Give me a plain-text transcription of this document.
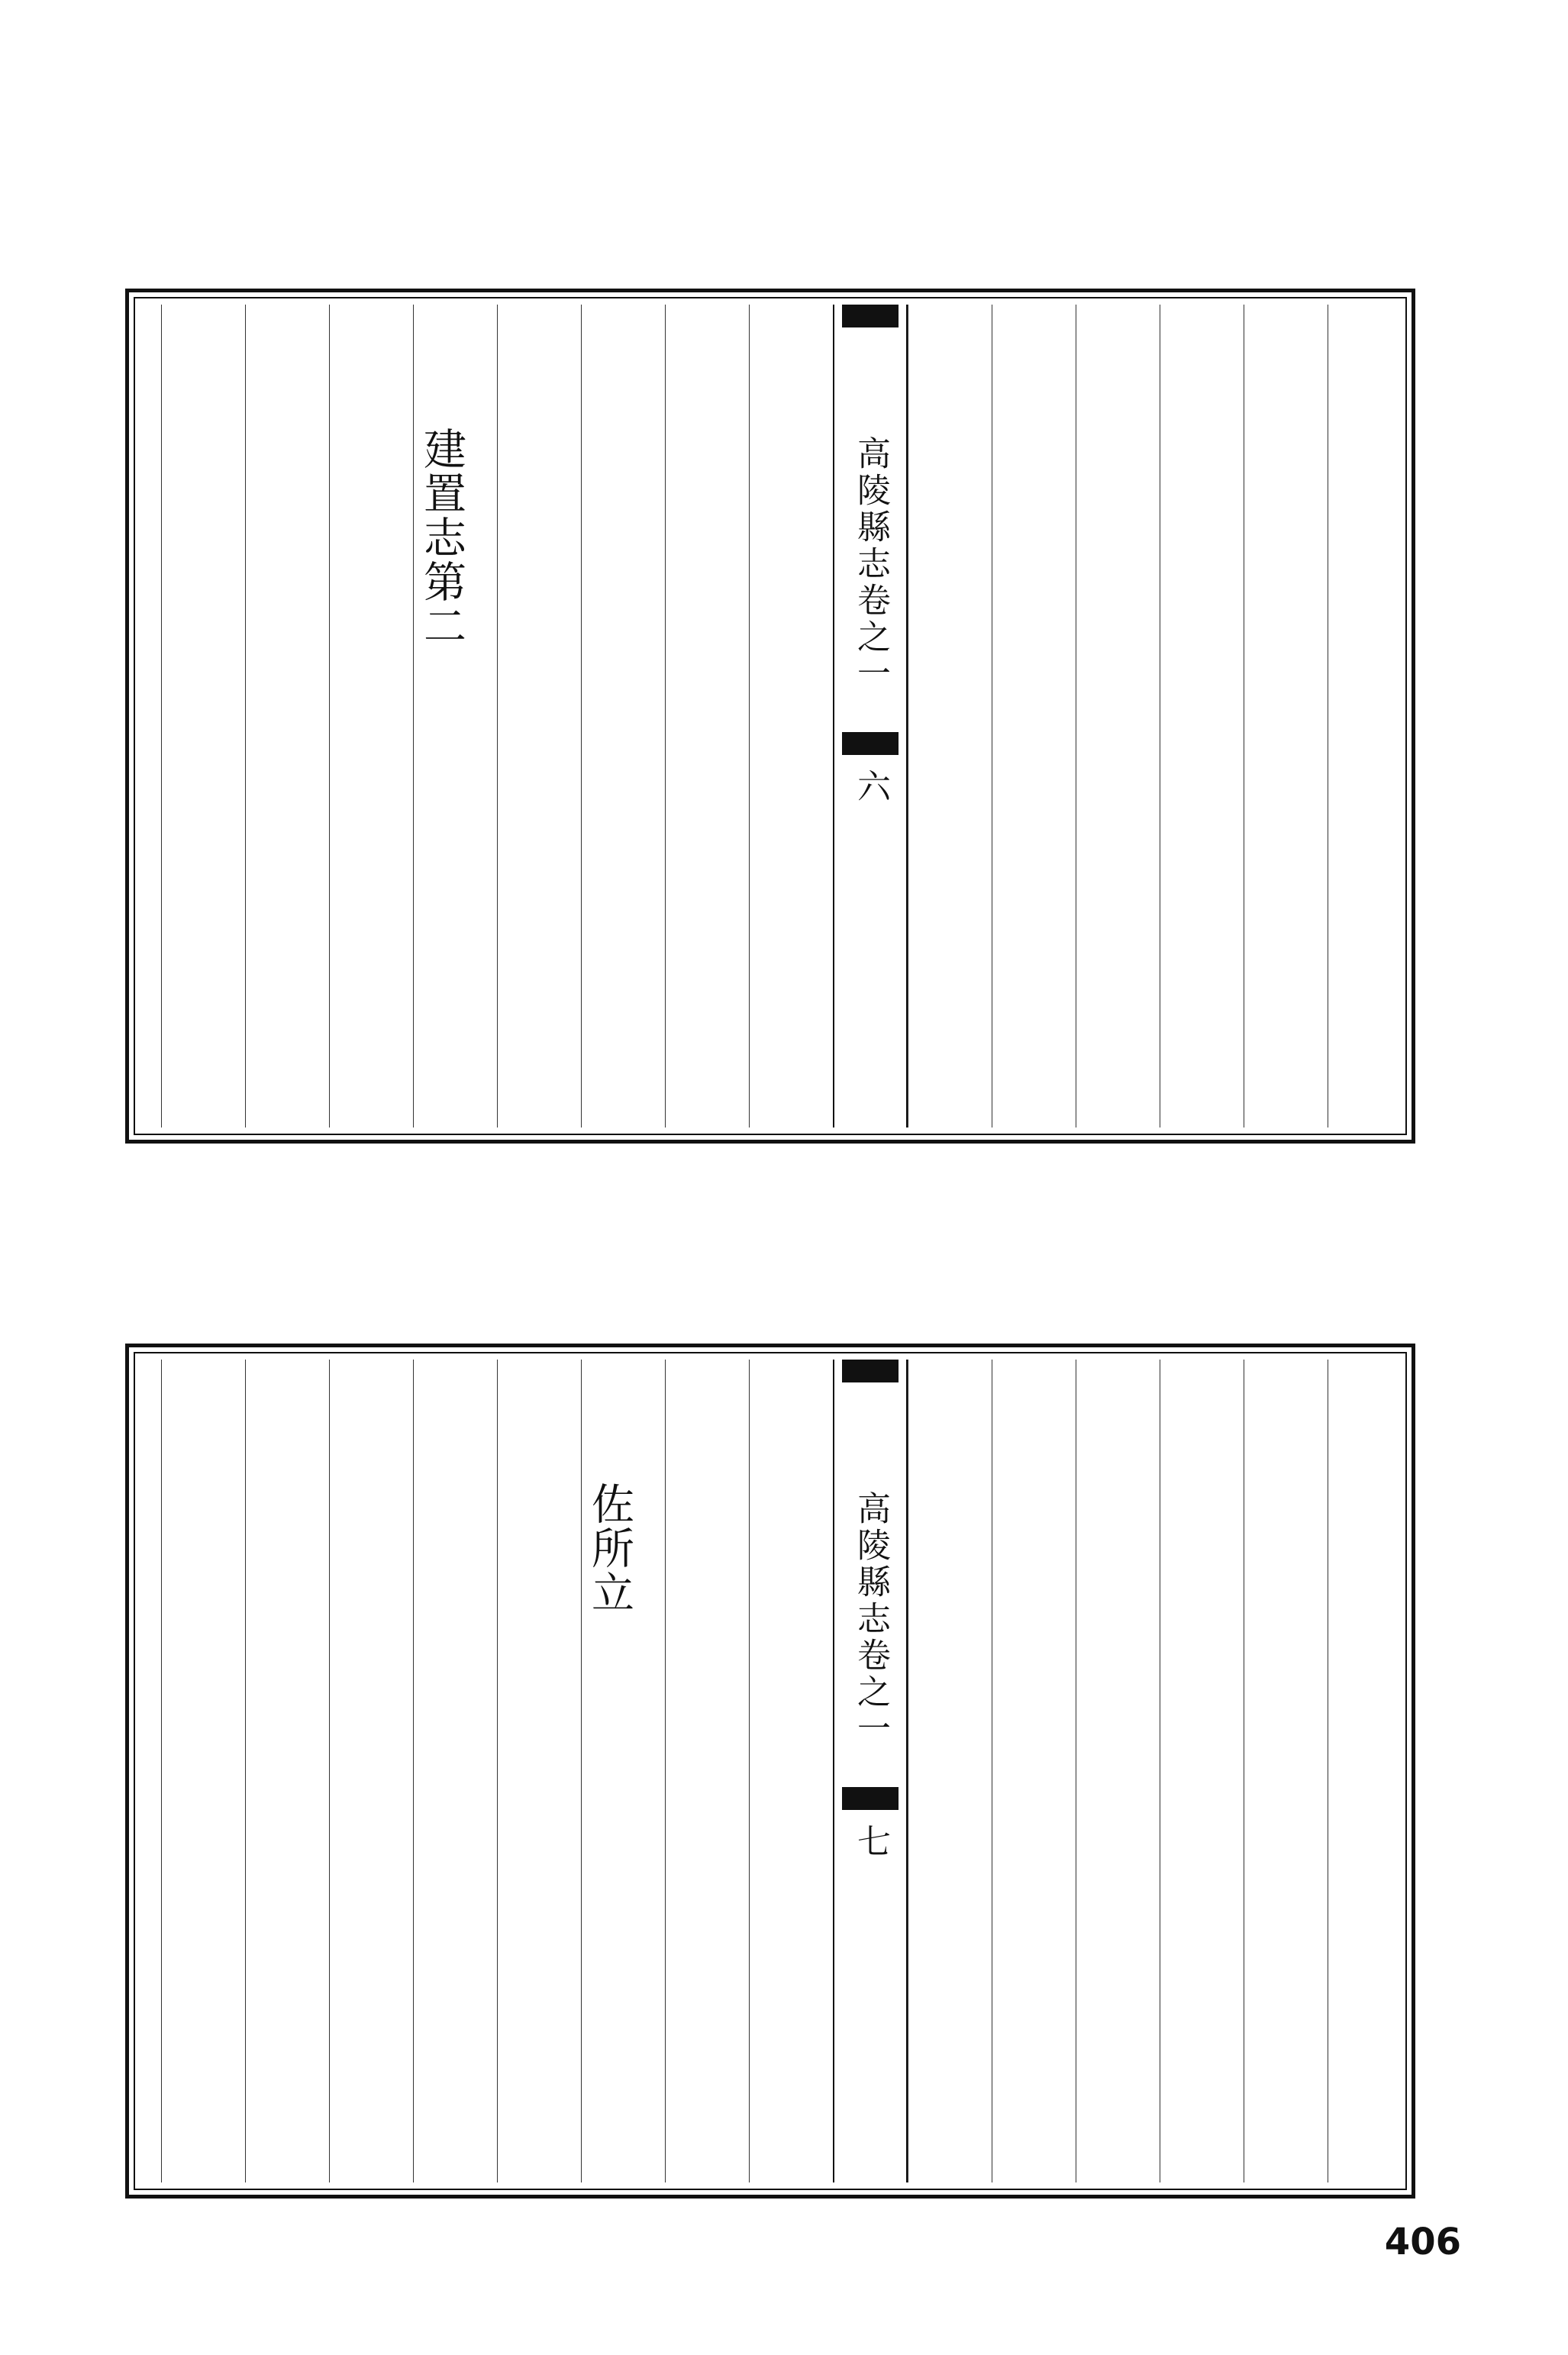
高陵縣志卷之一
六
建置志第二
高陵縣志卷之一
七
佐所立
406
